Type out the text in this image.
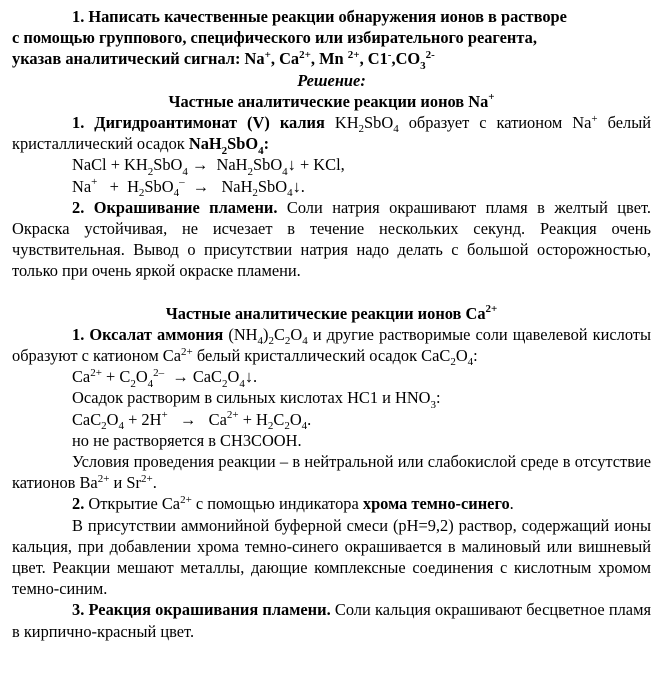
1. Написать качественные реакции обнаружения ионов в растворе
с помощью группового, специфического или избирательного реагента,
указав аналитический сигнал: Na+, $Ca^{2+}$, Mn $^{2+}$, $C1^-,CO_3^{2-}$

Решение:

Частные аналитические реакции ионов Na+

1. Дигидроантимонат (V) калия $KH_2SbO_4$ образует с катионом Na+ белый кристаллический осадок NaH$_2$SbO$_4$:

NaCl + $KH_2SbO_4$ →  NaH$_2$SbO$_4$↓ + KCl,

$Na^+ + H_2SbO_4^-$  →   NaH$_2$SbO$_4$↓.

2. Окрашивание пламени. Соли натрия окрашивают пламя в желтый цвет. Окраска устойчивая, не исчезает в течение нескольких секунд. Реакция очень чувствительная. Вывод о присутствии натрия надо делать с большой осторожностью, только при очень яркой окраске пламени.

Частные аналитические реакции ионов $Ca^{2+}$

1. Оксалат аммония $(NH_4)_2C_2O_4$ и другие растворимые соли щавелевой кислоты образуют с катионом $Ca^{2+}$ белый кристаллический осадок $CaC_2O_4$:

$Ca^{2+} + C_2O_4^{2-}$  → $CaC_2O_4↓$.

Осадок растворим в сильных кислотах HC1 и $HNO_3$:

$CaC_2O_4 + 2H^+ \to Ca^{2+} + H_2C_2O_4$.

но не растворяется в CH3COOH.

Условия проведения реакции – в нейтральной или слабокислой среде в отсутствие катионов $Ba^{2+}$ и $Sr^{2+}$.

2. Открытие $Ca^{2+}$ с помощью индикатора хрома темно-синего.

В присутствии аммонийной буферной смеси (pH=9,2) раствор, содержащий ионы кальция, при добавлении хрома темно-синего окрашивается в малиновый или вишневый цвет. Реакции мешают металлы, дающие комплексные соединения с кислотным хромом темно-синим.

3. Реакция окрашивания пламени. Соли кальция окрашивают бесцветное пламя в кирпично-красный цвет.
